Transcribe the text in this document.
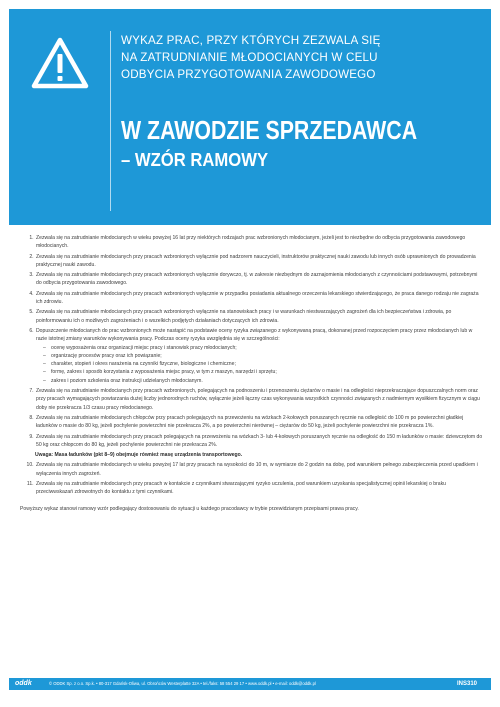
WYKAZ PRAC, PRZY KTÓRYCH ZEZWALA SIĘ
NA ZATRUDNIANIE MŁODOCIANYCH W CELU
ODBYCIA PRZYGOTOWANIA ZAWODOWEGO
W ZAWODZIE SPRZEDAWCA
– WZÓR RAMOWY
1. Zezwala się na zatrudnianie młodocianych w wieku powyżej 16 lat przy niektórych rodzajach prac wzbronionych młodocianym, jeżeli jest to niezbędne do odbycia przygotowania zawodowego młodocianych.
2. Zezwala się na zatrudnianie młodocianych przy pracach wzbronionych wyłącznie pod nadzorem nauczycieli, instruktorów praktycznej nauki zawodu lub innych osób uprawnionych do prowadzenia praktycznej nauki zawodu.
3. Zezwala się na zatrudnianie młodocianych przy pracach wzbronionych wyłącznie dorywczo, tj. w zakresie niezbędnym do zaznajomienia młodocianych z czynnościami podstawowymi, potrzebnymi do odbycia przygotowania zawodowego.
4. Zezwala się na zatrudnianie młodocianych przy pracach wzbronionych wyłącznie w przypadku posiadania aktualnego orzeczenia lekarskiego stwierdzającego, że praca danego rodzaju nie zagraża ich zdrowiu.
5. Zezwala się na zatrudnianie młodocianych przy pracach wzbronionych wyłącznie na stanowiskach pracy i w warunkach niestwarzających zagrożeń dla ich bezpieczeństwa i zdrowia, po poinformowaniu ich o możliwych zagrożeniach i o wszelkich podjętych działaniach dotyczących ich zdrowia.
6. Dopuszczenie młodocianych do prac wzbronionych może nastąpić na podstawie oceny ryzyka związanego z wykonywaną pracą, dokonanej przed rozpoczęciem pracy przez młodocianych lub w razie istotnej zmiany warunków wykonywania pracy. Podczas oceny ryzyka uwzględnia się w szczególności:
– ocenę wyposażenia oraz organizacji miejsc pracy i stanowisk pracy młodocianych;
– organizację procesów pracy oraz ich powiązanie;
– charakter, stopień i okres narażenia na czynniki fizyczne, biologiczne i chemiczne;
– formę, zakres i sposób korzystania z wyposażenia miejsc pracy, w tym z maszyn, narzędzi i sprzętu;
– zakres i poziom szkolenia oraz instrukcji udzielanych młodocianym.
7. Zezwala się na zatrudnianie młodocianych przy pracach wzbronionych, polegających na podnoszeniu i przenoszeniu ciężarów o masie i na odległości nieprzekraczające dopuszczalnych norm oraz przy pracach wymagających powtarzania dużej liczby jednorodnych ruchów, wyłącznie jeżeli łączny czas wykonywania wszystkich czynności związanych z nadmiernym wysiłkiem fizycznym w ciągu doby nie przekracza 1/3 czasu pracy młodocianego.
8. Zezwala się na zatrudnianie młodocianych chłopców przy pracach polegających na przewożeniu na wózkach 2-kołowych poruszanych ręcznie na odległość do 100 m po powierzchni gładkiej ładunków o masie do 80 kg, jeżeli pochylenie powierzchni nie przekracza 2%, a po powierzchni nierównej – ciężarów do 50 kg, jeżeli pochylenie powierzchni nie przekracza 1%.
9. Zezwala się na zatrudnianie młodocianych przy pracach polegających na przewożeniu na wózkach 3- lub 4-kołowych poruszanych ręcznie na odległość do 150 m ładunków o masie: dziewczętom do 50 kg oraz chłopcom do 80 kg, jeżeli pochylenie powierzchni nie przekracza 2%.

Uwaga: Masa ładunków (pkt 8–9) obejmuje również masę urządzenia transportowego.

10. Zezwala się na zatrudnianie młodocianych w wieku powyżej 17 lat przy pracach na wysokości do 10 m, w wymiarze do 2 godzin na dobę, pod warunkiem pełnego zabezpieczenia przed upadkiem i wyłączenia innych zagrożeń.
11. Zezwala się na zatrudnianie młodocianych przy pracach w kontakcie z czynnikami stwarzającymi ryzyko uczulenia, pod warunkiem uzyskania specjalistycznej opinii lekarskiej o braku przeciwwskazań zdrowotnych do kontaktu z tymi czynnikami.

Powyższy wykaz stanowi ramowy wzór podlegający dostosowaniu do sytuacji u każdego pracodawcy w trybie przewidzianym przepisami prawa pracy.

oddk	© ODDK Sp. z o.o. Sp.k. • 80-317 Gdańsk-Oliwa, ul. Obrońców Westerplatte 32A • tel./faks: 58 554 29 17 • www.oddk.pl • e-mail: oddk@oddk.pl	INS310
